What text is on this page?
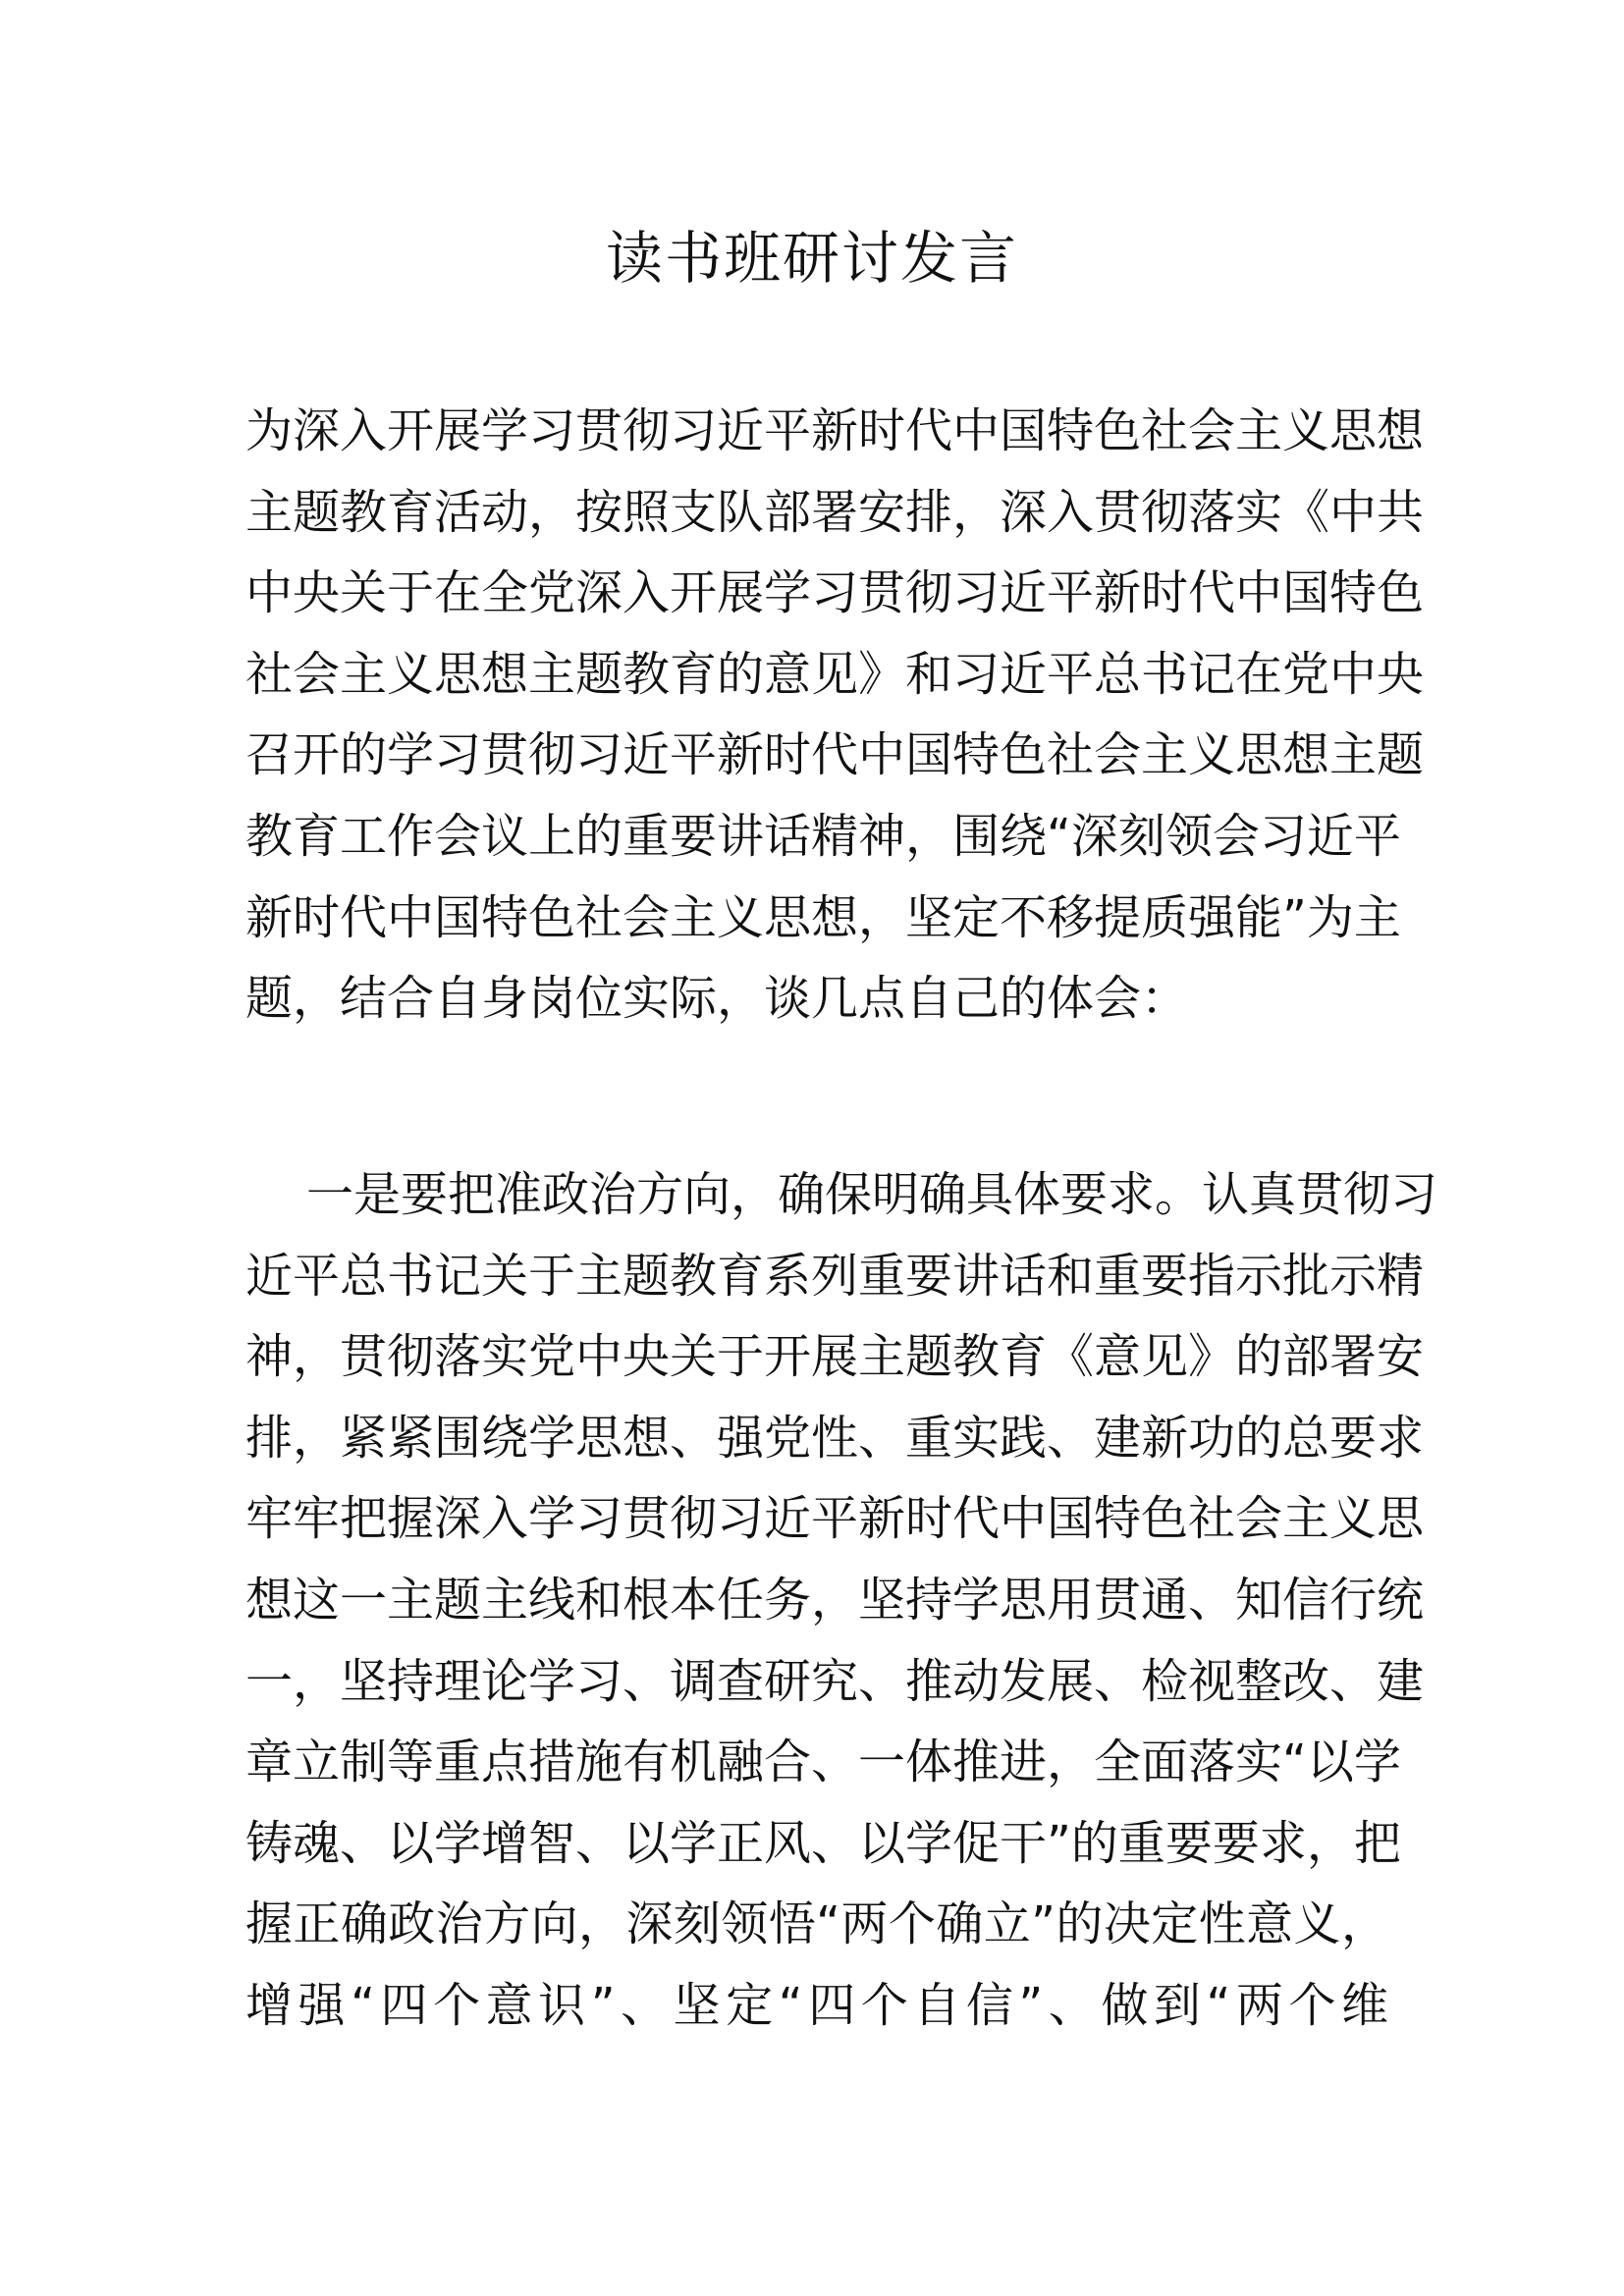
读书班研讨发言
为深入开展学习贯彻习近平新时代中国特色社会主义思想
主题教育活动，按照支队部署安排，深入贯彻落实《中共
中央关于在全党深入开展学习贯彻习近平新时代中国特色
社会主义思想主题教育的意见》和习近平总书记在党中央
召开的学习贯彻习近平新时代中国特色社会主义思想主题
教育工作会议上的重要讲话精神，围绕“深刻领会习近平
新时代中国特色社会主义思想，坚定不移提质强能”为主
题，结合自身岗位实际，谈几点自己的体会：
一是要把准政治方向，确保明确具体要求。认真贯彻习
近平总书记关于主题教育系列重要讲话和重要指示批示精
神，贯彻落实党中央关于开展主题教育《意见》的部署安
排，紧紧围绕学思想、强党性、重实践、建新功的总要求
牢牢把握深入学习贯彻习近平新时代中国特色社会主义思
想这一主题主线和根本任务，坚持学思用贯通、知信行统
一，坚持理论学习、调查研究、推动发展、检视整改、建
章立制等重点措施有机融合、一体推进，全面落实“以学
铸魂、以学增智、以学正风、以学促干”的重要要求，把
握正确政治方向，深刻领悟“两个确立”的决定性意义，
增强“四个意识”、坚定“四个自信”、做到“两个维
